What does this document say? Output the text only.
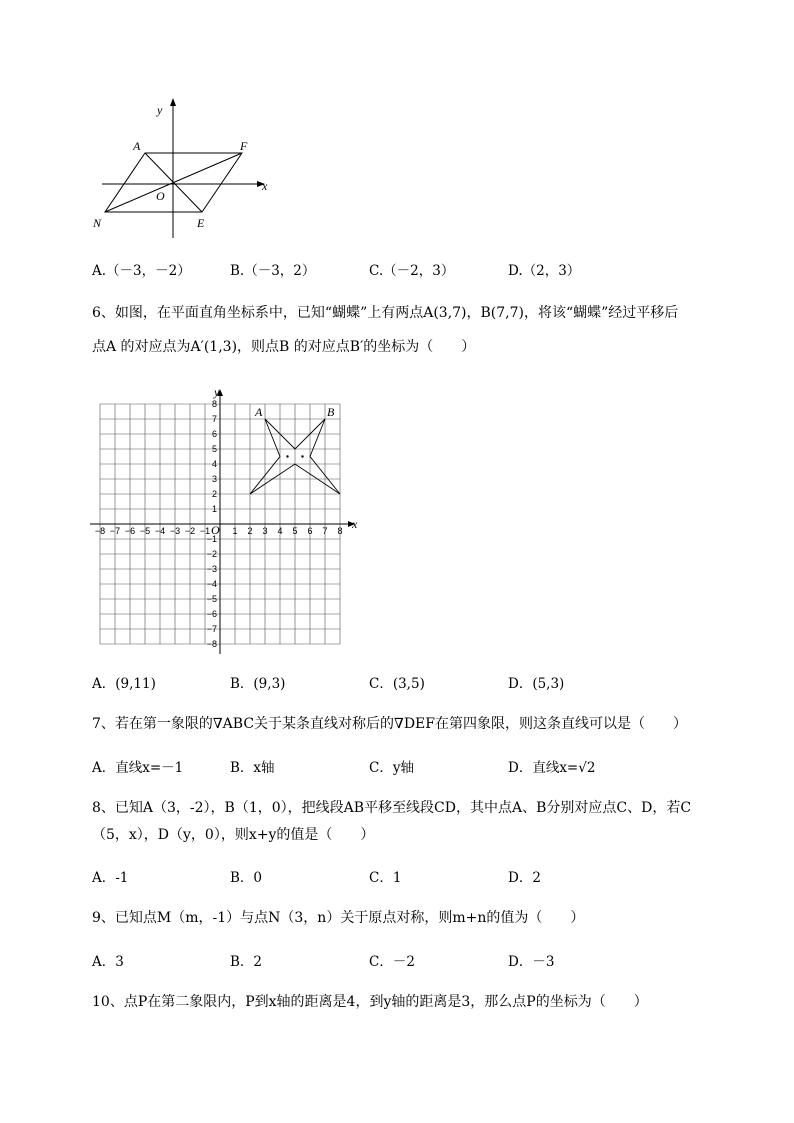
y
x
A	F
O
N	E
A.（－3，－2）	B.（－3，2）	C.（－2，3）	D.（2，3）
6、如图，在平面直角坐标系中，已知“蝴蝶”上有两点A(3,7)，B(7,7)，将该“蝴蝶”经过平移后
点A 的对应点为A′(1,3)，则点B 的对应点B′的坐标为（　　）
x
y
O
−8 −7 −6 −5 −4 −3 −2 −1 1 2 3 4 5 6 7 8
8
7
6
5
4
3
2
1
−1
−2
−3
−4
−5
−6
−7
−8
A	B
A．(9,11)	B．(9,3)	C．(3,5)	D．(5,3)
7、若在第一象限的∇ABC关于某条直线对称后的∇DEF在第四象限，则这条直线可以是（　　）
A．直线x=－1	B．x轴	C．y轴	D．直线x=√2
8、已知A（3，-2），B（1，0），把线段AB平移至线段CD，其中点A、B分别对应点C、D，若C
（5，x），D（y，0），则x+y的值是（　　）
A．-1	B．0	C．1	D．2
9、已知点M（m，-1）与点N（3，n）关于原点对称，则m+n的值为（　　）
A．3	B．2	C．－2	D．－3
10、点P在第二象限内，P到x轴的距离是4，到y轴的距离是3，那么点P的坐标为（　　）
